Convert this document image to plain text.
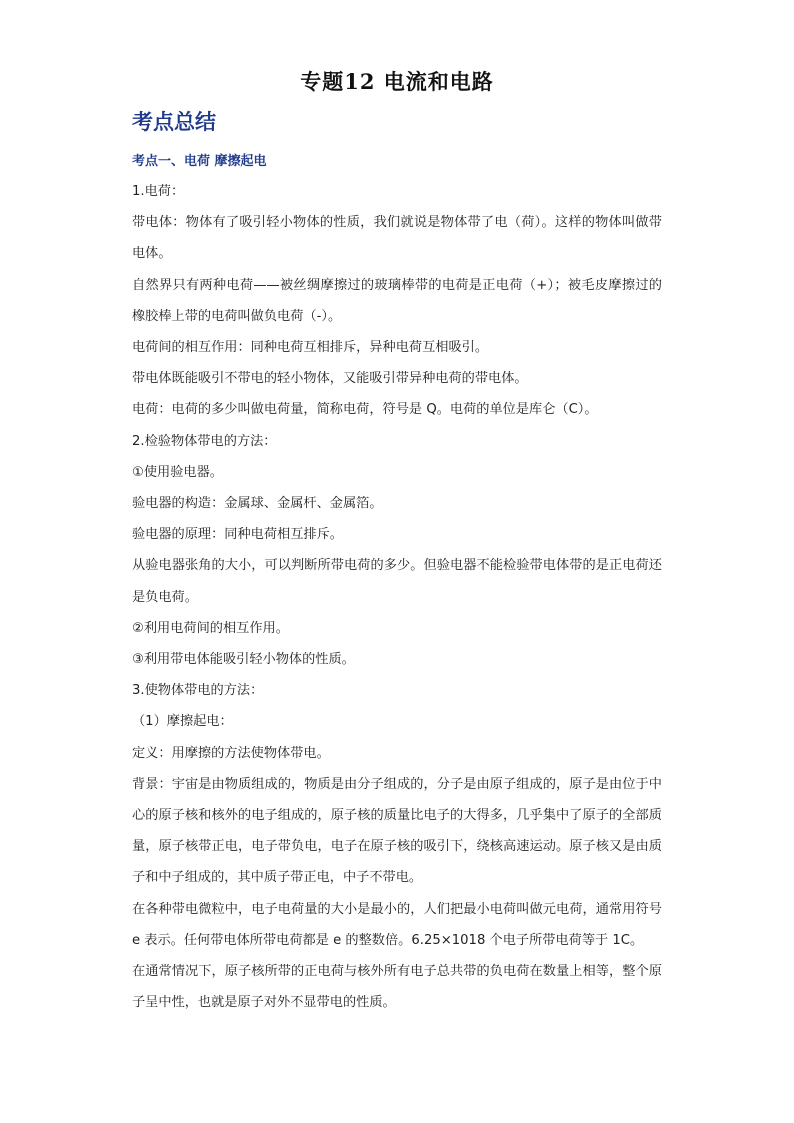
专题12 电流和电路
考点总结
考点一、电荷 摩擦起电

1.电荷：

带电体：物体有了吸引轻小物体的性质，我们就说是物体带了电（荷）。这样的物体叫做带电体。

自然界只有两种电荷——被丝绸摩擦过的玻璃棒带的电荷是正电荷（+）；被毛皮摩擦过的橡胶棒上带的电荷叫做负电荷（-）。

电荷间的相互作用：同种电荷互相排斥，异种电荷互相吸引。

带电体既能吸引不带电的轻小物体，又能吸引带异种电荷的带电体。

电荷：电荷的多少叫做电荷量，简称电荷，符号是 Q。电荷的单位是库仑（C）。

2.检验物体带电的方法：

①使用验电器。

验电器的构造：金属球、金属杆、金属箔。

验电器的原理：同种电荷相互排斥。

从验电器张角的大小，可以判断所带电荷的多少。但验电器不能检验带电体带的是正电荷还是负电荷。

②利用电荷间的相互作用。

③利用带电体能吸引轻小物体的性质。

3.使物体带电的方法：

（1）摩擦起电：

定义：用摩擦的方法使物体带电。

背景：宇宙是由物质组成的，物质是由分子组成的，分子是由原子组成的，原子是由位于中心的原子核和核外的电子组成的，原子核的质量比电子的大得多，几乎集中了原子的全部质量，原子核带正电，电子带负电，电子在原子核的吸引下，绕核高速运动。原子核又是由质子和中子组成的，其中质子带正电，中子不带电。

在各种带电微粒中，电子电荷量的大小是最小的，人们把最小电荷叫做元电荷，通常用符号 e 表示。任何带电体所带电荷都是 e 的整数倍。6.25×1018 个电子所带电荷等于 1C。

在通常情况下，原子核所带的正电荷与核外所有电子总共带的负电荷在数量上相等，整个原子呈中性，也就是原子对外不显带电的性质。
